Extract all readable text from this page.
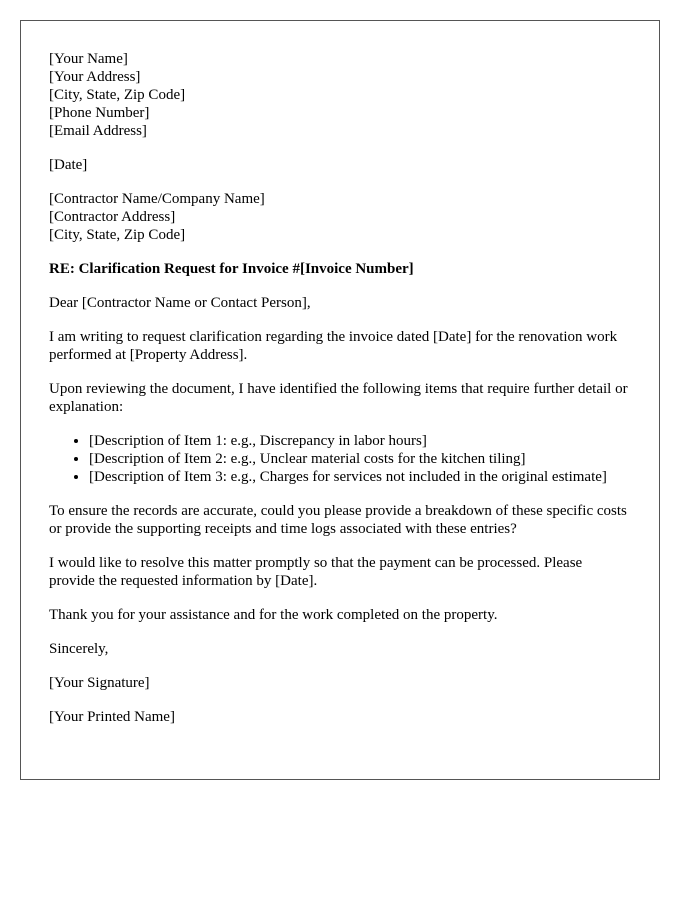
[Your Name]
[Your Address]
[City, State, Zip Code]
[Phone Number]
[Email Address]
[Date]
[Contractor Name/Company Name]
[Contractor Address]
[City, State, Zip Code]

RE: Clarification Request for Invoice #[Invoice Number]

Dear [Contractor Name or Contact Person],

I am writing to request clarification regarding the invoice dated [Date] for the renovation work performed at [Property Address].

Upon reviewing the document, I have identified the following items that require further detail or explanation:

• [Description of Item 1: e.g., Discrepancy in labor hours]
• [Description of Item 2: e.g., Unclear material costs for the kitchen tiling]
• [Description of Item 3: e.g., Charges for services not included in the original estimate]

To ensure the records are accurate, could you please provide a breakdown of these specific costs or provide the supporting receipts and time logs associated with these entries?

I would like to resolve this matter promptly so that the payment can be processed. Please provide the requested information by [Date].

Thank you for your assistance and for the work completed on the property.

Sincerely,

[Your Signature]

[Your Printed Name]
